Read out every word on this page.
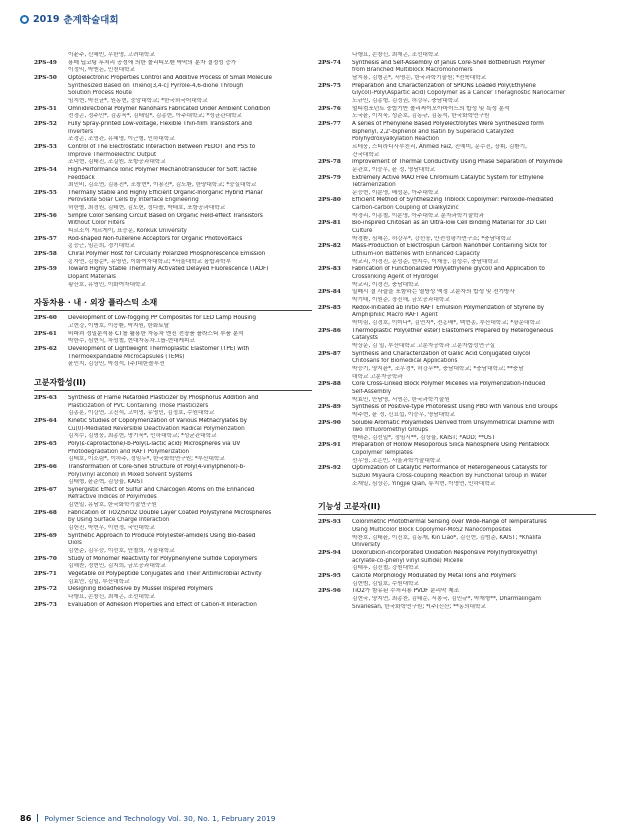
2019 춘계학술대회
이윤주, 신혜빈, 우한영, 고려대학교
2PS-49	용매 딥코팅 후처리 공정에 의한 폴리티오펜 박막의 분자 결정성 증가
이정익, 박엔돈, 인천대학교
2PS-50	Optoelectronic Properties Control and Additive Process of Small Molecule
Synthesized Based on Thieno[3,4-c] Pyrrole-4,6-dione Through
Solution Process Route
임지현, 박진균*, 원동현, 중앙대학교; *한국외국어대학교
2PS-51	Omnidirectional Polymer Nanohairs Fabricated Under Ambient Condition
전경곤, 정주민*, 김종욱*, 김태일*, 김종현, 아주대학교; *성균관대학교
2PS-52	Fully Spray-printed Low-voltage, Flexible Thin-film Transistors and
Inverters
조경곤, 조영관, 유혜영, 이근형, 인하대학교
2PS-53	Control of The Electrostatic Interaction Between PEDOT and PSS to
Improve Thermoelectric Output
조덕현, 김태진, 조길원, 포항공과대학교
2PS-54	High-Performance Ionic Polymer Mechanotransducer for Soft Tactile
Feedback
최민비, 김소연, 김용진*, 조창현*, 이용진*, 김도환, 한양대학교; *숭실대학교
2PS-55	Thermally Stable and Highly Efficient Organic-Inorganic Hybrid Planar
Perovskite Solar Cells by Interface Engineering
허한별, 최경원, 김태현, 김도헌, 정다솔, 박태호, 포항공과대학교
2PS-56	Simple Color Sensing Circuit Based on Organic Field-effect Transistors
Without Color Filters
티르소이 게르게이, 표승문, Konkuk University
2PS-57	Rod-shaped Non-fullerene Acceptors for Organic Photovoltaics
홍승근, 임은희, 경기대학교
2PS-58	Chiral Polymer Host for Circularly Polarized Phosphorescence Emission
홍자연, 김창순*, 유영민, 이화여자대학교; *서울대학교 융합과학부
2PS-59	Toward Highly Stable Thermally Activated Delayed Fluorescence (TADF)
Dopant Materials
황산호, 유영민, 이화여자대학교
자동차용 · 내 · 외장 플라스틱 소재
2PS-60	Development of Low-fogging PP Composites for LED Lamp Housing
고현강, 이병호, 이응환, 박지원, 한화토탈
2PS-61	비파괴 정밀분석용 CT를 활용한 자동차 엔진 전장품 플라스틱 부품 분석
박한수, 심현식, 차성철, 현대자동차그룹-현대케피코
2PS-62	Development of Lightweight Thermoplastic Elastomer (TPE) with
Thermoexpandable Microcapsules (TEMs)
윤인지, 김상민, 박정석, (주)대한솔루션
고분자합성(II)
2PS-63	Synthesis of Flame Retarded Plasticizer by Phosphorus Addition and
Plasticization of PVC Containing Those Plasticizers
김종훈, 이강연, 고진석, 고미영, 유영민, 김정호, 수원대학교
2PS-64	Kinetic Studies of Copolymerization of Various Methacrylates by
Cu(0)-Mediated Reversible Deactivation Radical Polymerization
김지수, 김명웅, 최종현, 명기욱*, 인하대학교; *성균관대학교
2PS-65	Poly(ε-caprolactone)-b-Poly(L-lactic acid) Microspheres via UV
Photodegradation and RAFT Polymerization
김태호, 이소림*, 이하주, 정임두*, 한국화학연구원; *부산대학교
2PS-66	Transformation of Core-Shell Structure of Poly(4-vinylphenol)-b-
Poly(vinyl alcohol) in Mixed Solvent Systems
김태형, 윤준혁, 김상율, KAIST
2PS-67	Synergistic Effect of Sulfur and Chalcogen Atoms on the Enhanced
Refractive Indices of Polyimides
김현일, 유남호, 한국화학기술연구원
2PS-68	Fabrication of TiO2/SnO2 Double Layer Coated Polystyrene Microspheres
by Using Surface Charge Interaction
김헌진, 박현우, 이현정, 국민대학교
2PS-69	Synthetic Approach to Produce Poly(ester-amide)s Using Bio-based
Diols
김현준, 김우승, 이선호, 안철희, 서울대학교
2PS-70	Study of Monomer Reactivity for Polyphenylene Sulfide Copolymers
김해찬, 정현민, 김지희, 금오공과대학교
2PS-71	Vegetable oil Polypeptide Conjugates and Their Antimicrobial Activity
김효안, 김일, 부산대학교
2PS-72	Designing Bioadhesive by Mussel Inspired Polymers
나행요, 손창신, 최재곤, 조선대학교
2PS-73	Evaluation of Adhesion Properties and Effect of Cation-π Interaction
나행요, 손창신, 최재곤, 조선대학교
2PS-74	Synthesis and Self-Assembly of Janus Core-Shell Bottlebrush Polymer
from Branched Multiblock Macromonomers
남지용, 김형곤*, 서명은, 한국과학기술원; *전북대학교
2PS-75	Preparation and Characterization of SPIONs Loaded Poly(Ethylene
Glycol)-Poly(Aspartic acid) Copolymer as a Cancer Theragnostic Nanocarrier
노규민, 김종형, 김정권, 허강무, 충남대학교
2PS-76	멀티컴포넌트 중합기반 폴리싸이오아마이드의 합성 및 특성 분석
노국윤, 이지욱, 성준호, 김동규, 김동석, 한국화학연구원
2PS-77	A series of Phenylene Based Polyelectrolytes Were Synthesized form
Biphenyl, 2,2'-biphenol and Isatin by Superacid Catalyzed
Polyhydroxyalkylation Reaction
르테웅, 스티라디사부친리, Ahmed Faiz, 진예미, 문수진, 장휘, 김환기,
건국대학교
2PS-78	Improvement of Thermal Conductivity Using Phase Separation of Polyimide
문관호, 이승우, 윤 정, 영남대학교
2PS-79	Extremely Active MAO Free Chromium Catalytic System for Ethylene
Tetramerization
문승현, 이분영, 배성문, 아주대학교
2PS-80	Efficient Method of Synthesizing Triblock Copolymer: Peroxide-mediated
Carbon-carbon Coupling of Dialkylzinc
박경리, 이종철, 이분영, 아주대학교 분자과학기술학과
2PS-81	Bio-inspired Chitosan as an Ultra-low Cell Binding Material for 3D Cell
Culture
박경환, 심혜은, 허강무*, 강선웅, 안전성평가연구소; *충남대학교
2PS-82	Mass-Production of Electrospun Carbon Nanofiber Containing SiOx for
Lithium-ion Batteries with Enhanced Capacity
박교리, 이경진, 문성준, 엔지수, 이재웅, 김성수, 충남대학교
2PS-83	Fabrication of Functionalized Poly(ethylene glycol) and Application to
Crosslinking Agent of Hydrogel
박교리, 이경진, 충남대학교
2PS-84	밀폐시 결 사슬을 포함하는 열방성 액정 고분자의 합성 및 전기방사
박기태, 이원준, 장진해, 금오공과대학교
2PS-85	Redox-Initiated ab Initio RAFT Emulsion Polymerization of Styrene by
Amphiphilic Macro RAFT Agent
박미림, 김경호, 이미나*, 김연지*, 전홍배*, 백현종, 부산대학교; *광운대학교
2PS-86	Thermoplastic Poly(ether ester) Elastomers Prepared by Heterogeneous
Catalysts
박상운, 김 일, 부산대학교 고분자공학과 고분자합성연구실
2PS-87	Synthesis and Characterization of Gallic Acid Conjugated Glycol
Chitosans for Biomedical Applications
박승기, 양지윤*, 조우경*, 허강무**, 충남대학교; *충남대학교; **충남
대학교 고분자공학과
2PS-88	Core Cross-Linked Block Polymer Micelles via Polymerization-Induced
Self-Assembly
박효민, 안남영, 서명은, 한국과학기술원
2PS-89	Synthesis of Positive-type Photoresist Using PBO with Various End Groups
박주현, 윤 정, 신요섭, 이승우, 영남대학교
2PS-90	Soluble Aromatic Polyamides Derived from Unsymmetrical Diamine with
Two Trifluoromethyl Groups
변태준, 김선일*, 정임시**, 김상율, KAIST; *ADD; **UST
2PS-91	Preparation of Hollow Mesoporous Silica Nanosphere Using Pentablock
Copolymer Templates
선우영, 조은빈, 서울과학기술대학교
2PS-92	Optimization of Catalytic Performance of Heterogeneous Catalysts for
Suzuki Miyaura Cross-coupling Reaction By Functional Group in Water
소재일, 심상은, Yingjie Qian, 류지현, 이명연, 인하대학교
기능성 고분자(II)
2PS-93	Colorimetric Photothermal Sensing over Wide-Range of Temperatures
Using Multicolor Block Copolymer-MoS2 Nanocomposites
박찬호, 김태윤, 이진호, 김동재, Kin Liao*, 김신현, 김범준, KAIST; *Khalifa
University
2PS-94	Doxorubicin-incorporated Oxidation Responsive Poly(hydroxyethyl
acrylate-co-phenyl vinyl sulfide) Micelle
김태후, 김진철, 강원대학교
2PS-95	Calcite Morphology Modulated by Metal Ions and Polymers
김현범, 김일호, 수원대학교
2PS-96	TiO2가 함유된 수처리용 PVDF 분리막 제조
김현국, 양지연, 최종찬, 김태순, 서봉국, 김민규*, 박재형**, Dharmalingam
Sivanesan, 한국화학연구원; *(주)신산; **동의대학교
86 Polymer Science and Technology Vol. 30, No. 1, February 2019
